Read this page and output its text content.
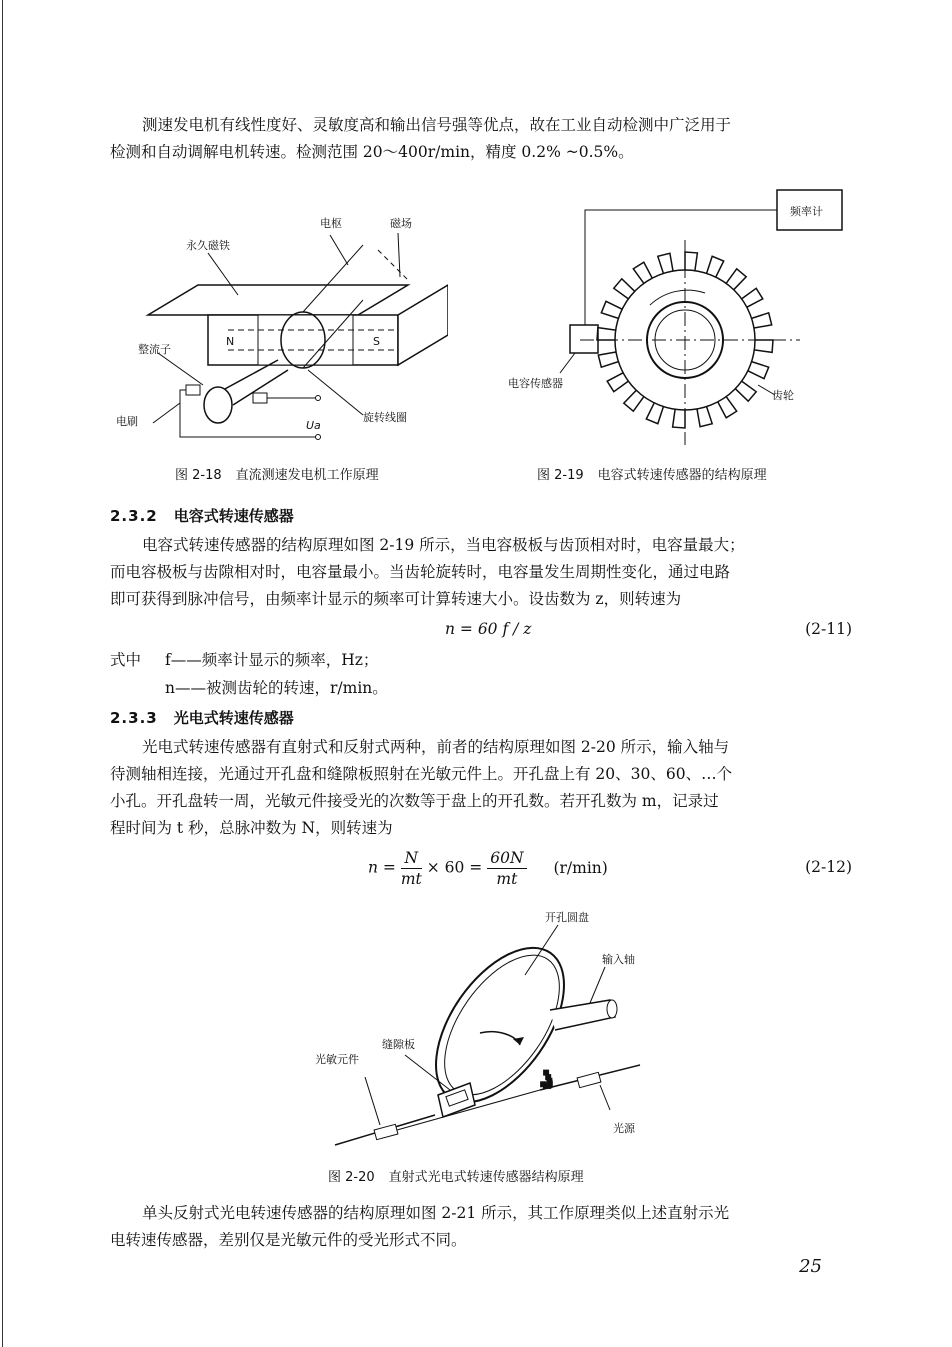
测速发电机有线性度好、灵敏度高和输出信号强等优点，故在工业自动检测中广泛用于
检测和自动调解电机转速。检测范围 20～400r/min，精度 0.2% ~0.5%。

电枢	磁场
永久磁铁
整流子
电刷	旋转线圈
N	S
Ua
图 2-18 直流测速发电机工作原理
频率计
电容传感器
齿轮
图 2-19 电容式转速传感器的结构原理
2.3.2 电容式转速传感器

电容式转速传感器的结构原理如图 2-19 所示，当电容极板与齿顶相对时，电容量最大；
而电容极板与齿隙相对时，电容量最小。当齿轮旋转时，电容量发生周期性变化，通过电路
即可获得到脉冲信号，由频率计显示的频率可计算转速大小。设齿数为 z，则转速为

n = 60 f / z	(2-11)
式中 f——频率计显示的频率，Hz；
n——被测齿轮的转速，r/min。
2.3.3 光电式转速传感器

光电式转速传感器有直射式和反射式两种，前者的结构原理如图 2-20 所示，输入轴与
待测轴相连接，光通过开孔盘和缝隙板照射在光敏元件上。开孔盘上有 20、30、60、…个
小孔。开孔盘转一周，光敏元件接受光的次数等于盘上的开孔数。若开孔数为 m，记录过
程时间为 t 秒，总脉冲数为 N，则转速为

$n = \frac{N}{mt} \times 60 = \frac{60N}{mt} (r/\min)$	(2-12)
开孔圆盘
输入轴
缝隙板
光敏元件
光源
图 2-20 直射式光电式转速传感器结构原理

单头反射式光电转速传感器的结构原理如图 2-21 所示，其工作原理类似上述直射示光
电转速传感器，差别仅是光敏元件的受光形式不同。

25
